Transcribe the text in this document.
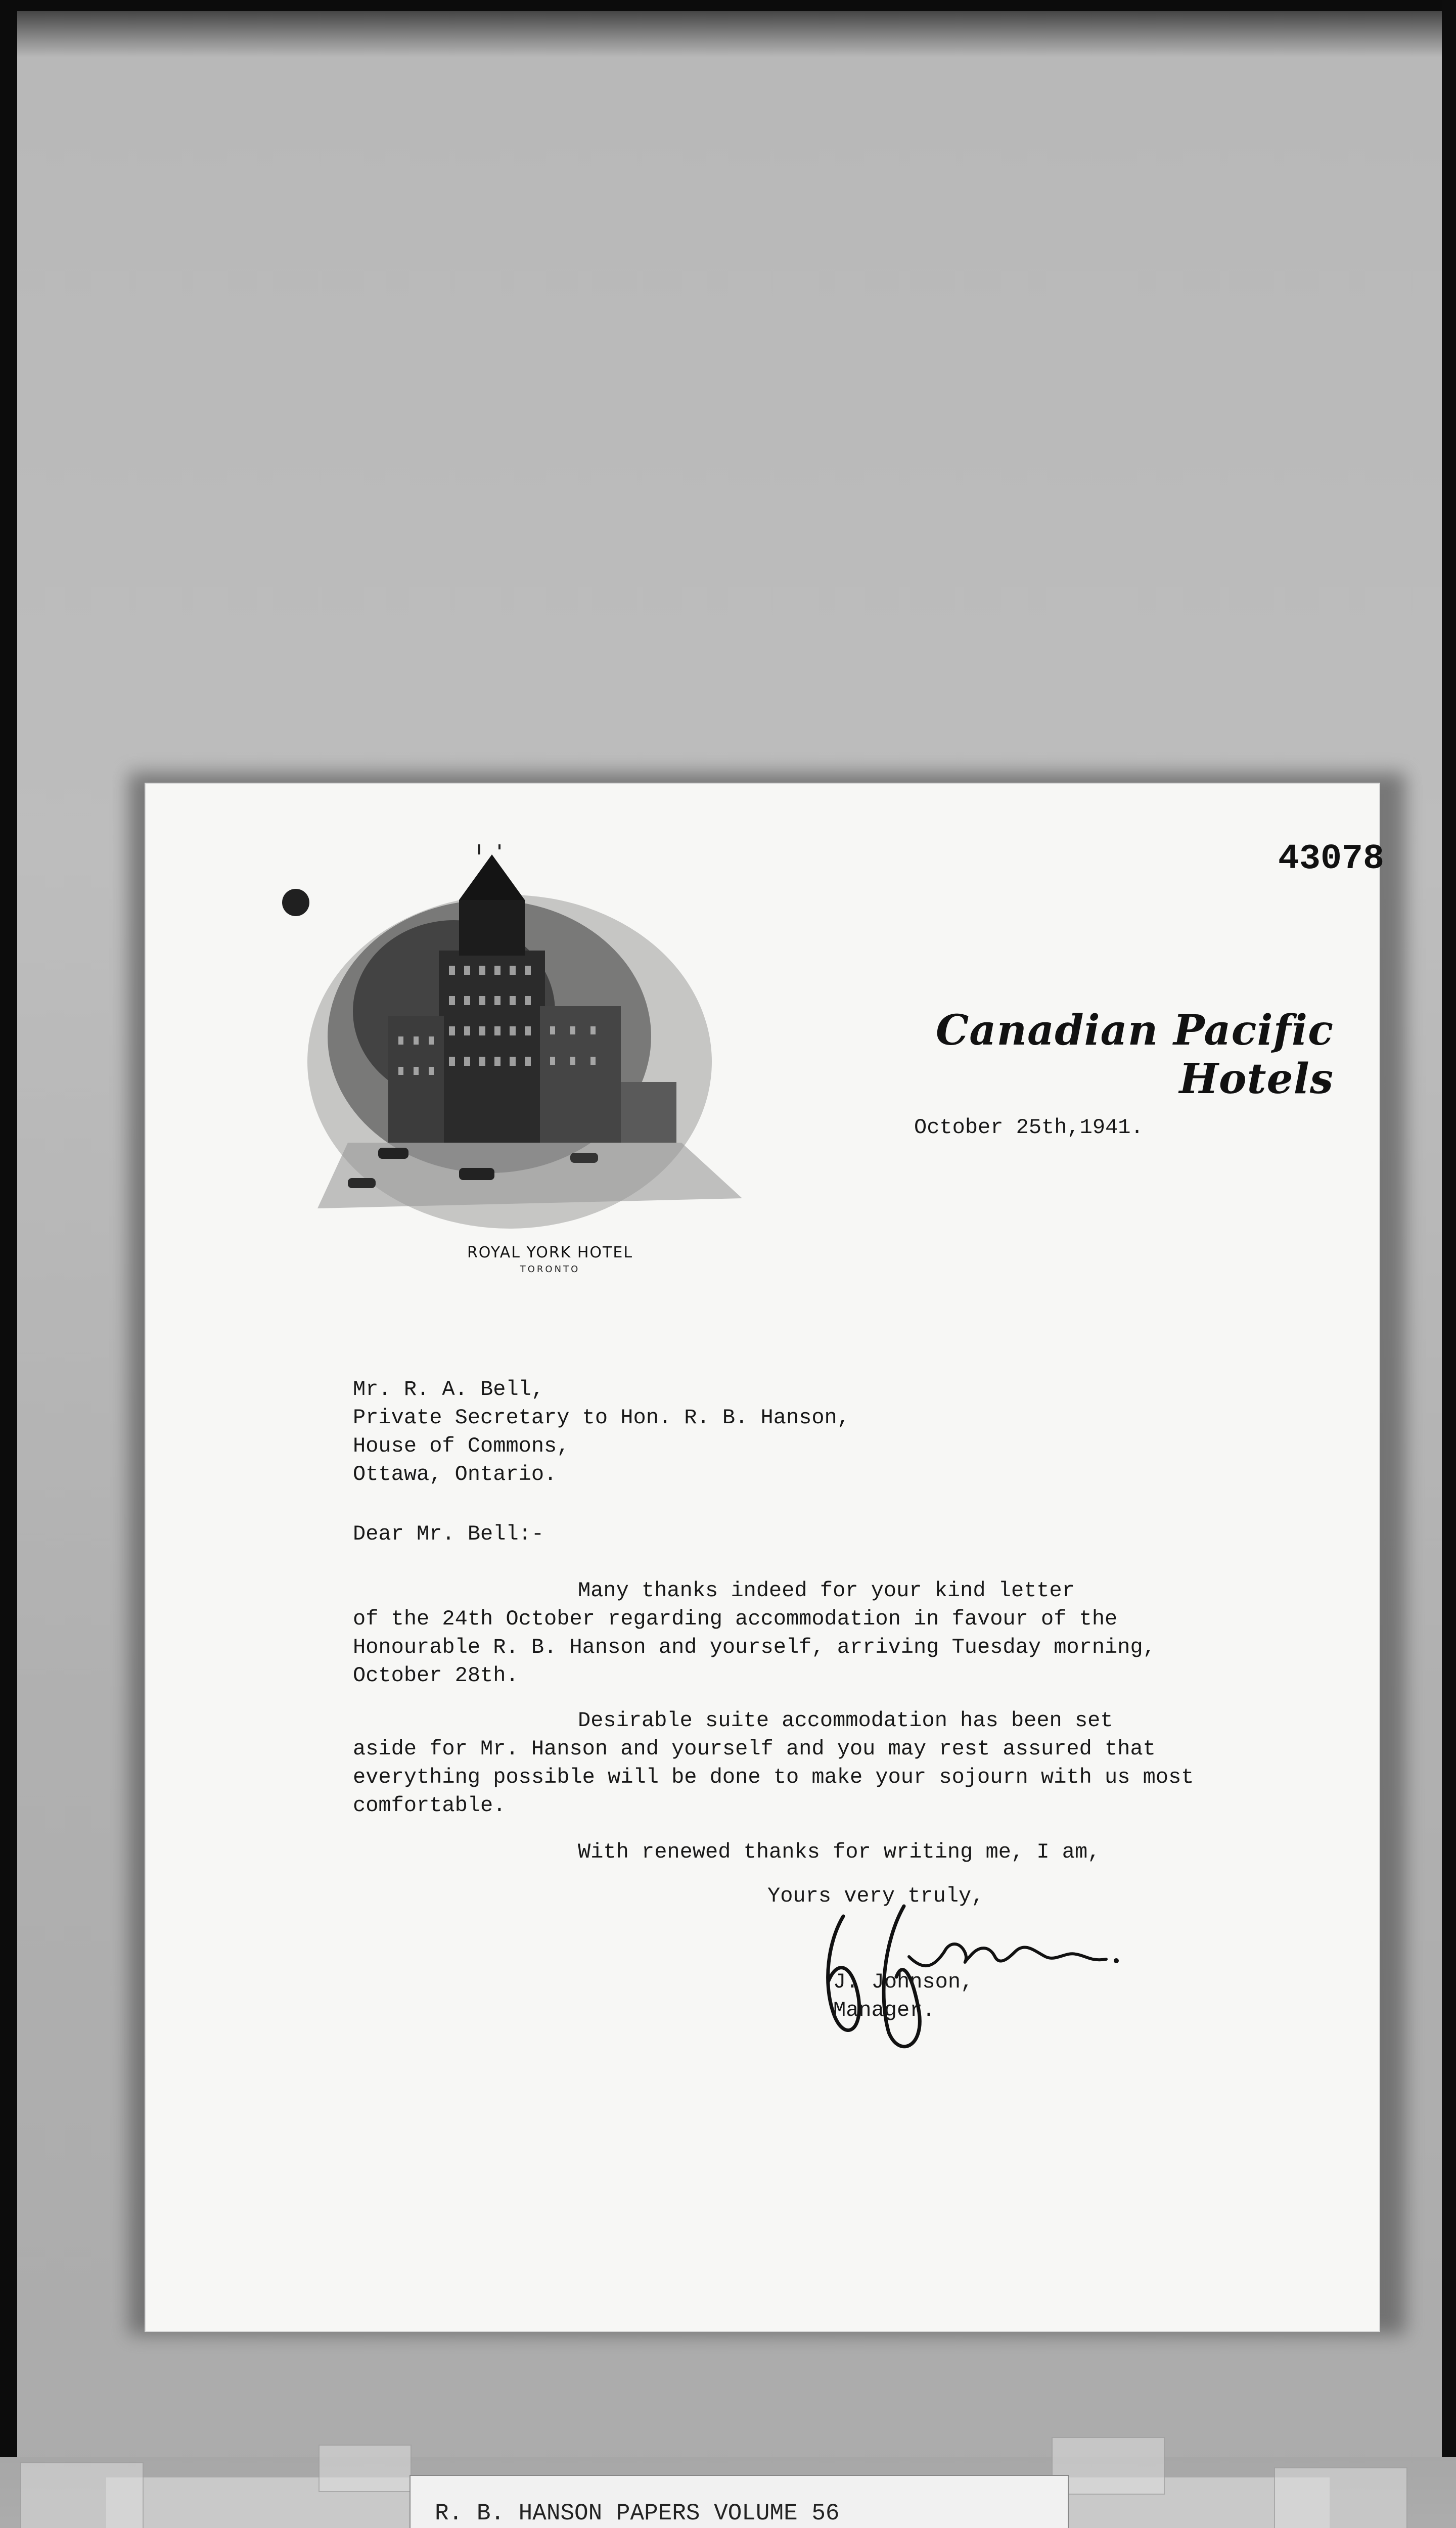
43078
ROYAL YORK HOTEL
TORONTO
Canadian Pacific Hotels
October 25th,1941.
Mr. R. A. Bell,
Private Secretary to Hon. R. B. Hanson,
House of Commons,
Ottawa, Ontario.
Dear Mr. Bell:-
Many thanks indeed for your kind letter
of the 24th October regarding accommodation in favour of the
Honourable R. B. Hanson and yourself, arriving Tuesday morning,
October 28th.
Desirable suite accommodation has been set
aside for Mr. Hanson and yourself and you may rest assured that
everything possible will be done to make your sojourn with us most
comfortable.
With renewed thanks for writing me, I am,
Yours very truly,
J. Johnson,
Manager.
R. B. HANSON PAPERS VOLUME 56
